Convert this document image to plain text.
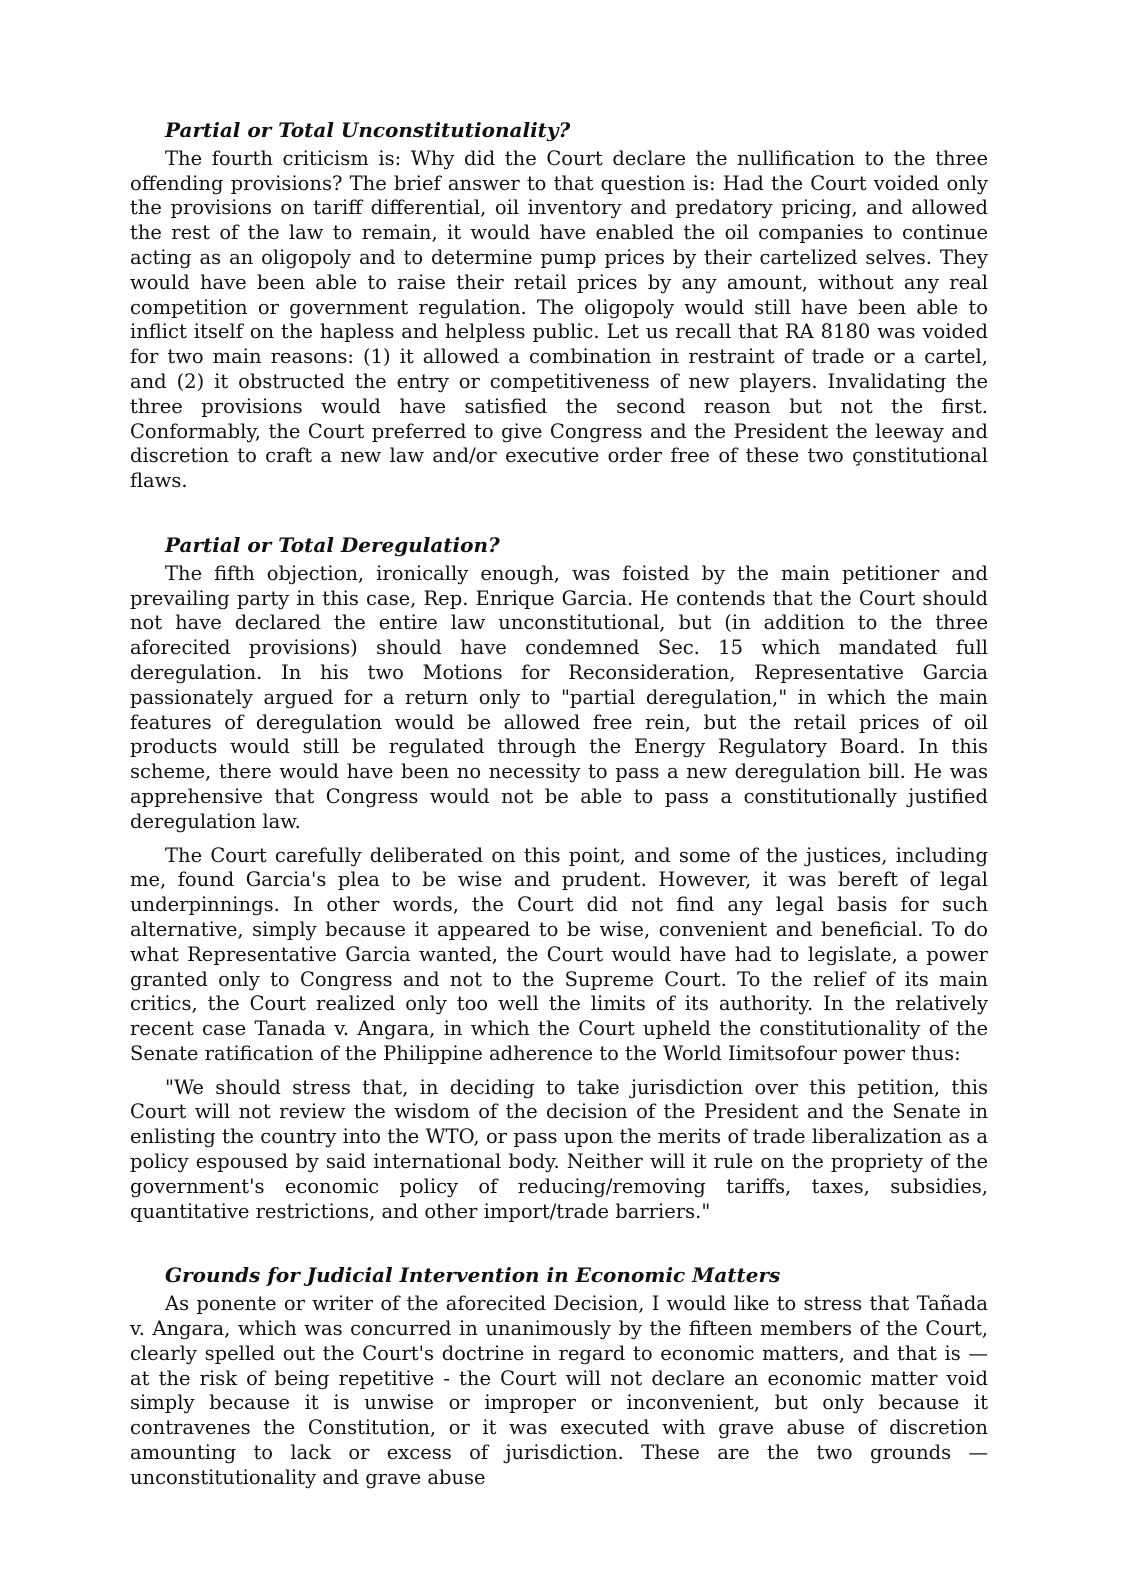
Partial or Total Unconstitutionality?

The fourth criticism is: Why did the Court declare the nullification to the three offending provisions? The brief answer to that question is: Had the Court voided only the provisions on tariff differential, oil inventory and predatory pricing, and allowed the rest of the law to remain, it would have enabled the oil companies to continue acting as an oligopoly and to determine pump prices by their cartelized selves. They would have been able to raise their retail prices by any amount, without any real competition or government regulation. The oligopoly would still have been able to inflict itself on the hapless and helpless public. Let us recall that RA 8180 was voided for two main reasons: (1) it allowed a combination in restraint of trade or a cartel, and (2) it obstructed the entry or competitiveness of new players. Invalidating the three provisions would have satisfied the second reason but not the first. Conformably, the Court preferred to give Congress and the President the leeway and discretion to craft a new law and/or executive order free of these two çonstitutional flaws.

Partial or Total Deregulation?

The fifth objection, ironically enough, was foisted by the main petitioner and prevailing party in this case, Rep. Enrique Garcia. He contends that the Court should not have declared the entire law unconstitutional, but (in addition to the three aforecited provisions) should have condemned Sec. 15 which mandated full deregulation. In his two Motions for Reconsideration, Representative Garcia passionately argued for a return only to "partial deregulation," in which the main features of deregulation would be allowed free rein, but the retail prices of oil products would still be regulated through the Energy Regulatory Board. In this scheme, there would have been no necessity to pass a new deregulation bill. He was apprehensive that Congress would not be able to pass a constitutionally justified deregulation law.

The Court carefully deliberated on this point, and some of the justices, including me, found Garcia's plea to be wise and prudent. However, it was bereft of legal underpinnings. In other words, the Court did not find any legal basis for such alternative, simply because it appeared to be wise, convenient and beneficial. To do what Representative Garcia wanted, the Court would have had to legislate, a power granted only to Congress and not to the Supreme Court. To the relief of its main critics, the Court realized only too well the limits of its authority. In the relatively recent case Tanada v. Angara, in which the Court upheld the constitutionality of the Senate ratification of the Philippine adherence to the World Iimitsofour power thus:

"We should stress that, in deciding to take jurisdiction over this petition, this Court will not review the wisdom of the decision of the President and the Senate in enlisting the country into the WTO, or pass upon the merits of trade liberalization as a policy espoused by said international body. Neither will it rule on the propriety of the government's economic policy of reducing/removing tariffs, taxes, subsidies, quantitative restrictions, and other import/trade barriers."

Grounds for Judicial Intervention in Economic Matters

As ponente or writer of the aforecited Decision, I would like to stress that Tañada v. Angara, which was concurred in unanimously by the fifteen members of the Court, clearly spelled out the Court's doctrine in regard to economic matters, and that is — at the risk of being repetitive - the Court will not declare an economic matter void simply because it is unwise or improper or inconvenient, but only because it contravenes the Constitution, or it was executed with grave abuse of discretion amounting to lack or excess of jurisdiction. These are the two grounds — unconstitutionality and grave abuse
